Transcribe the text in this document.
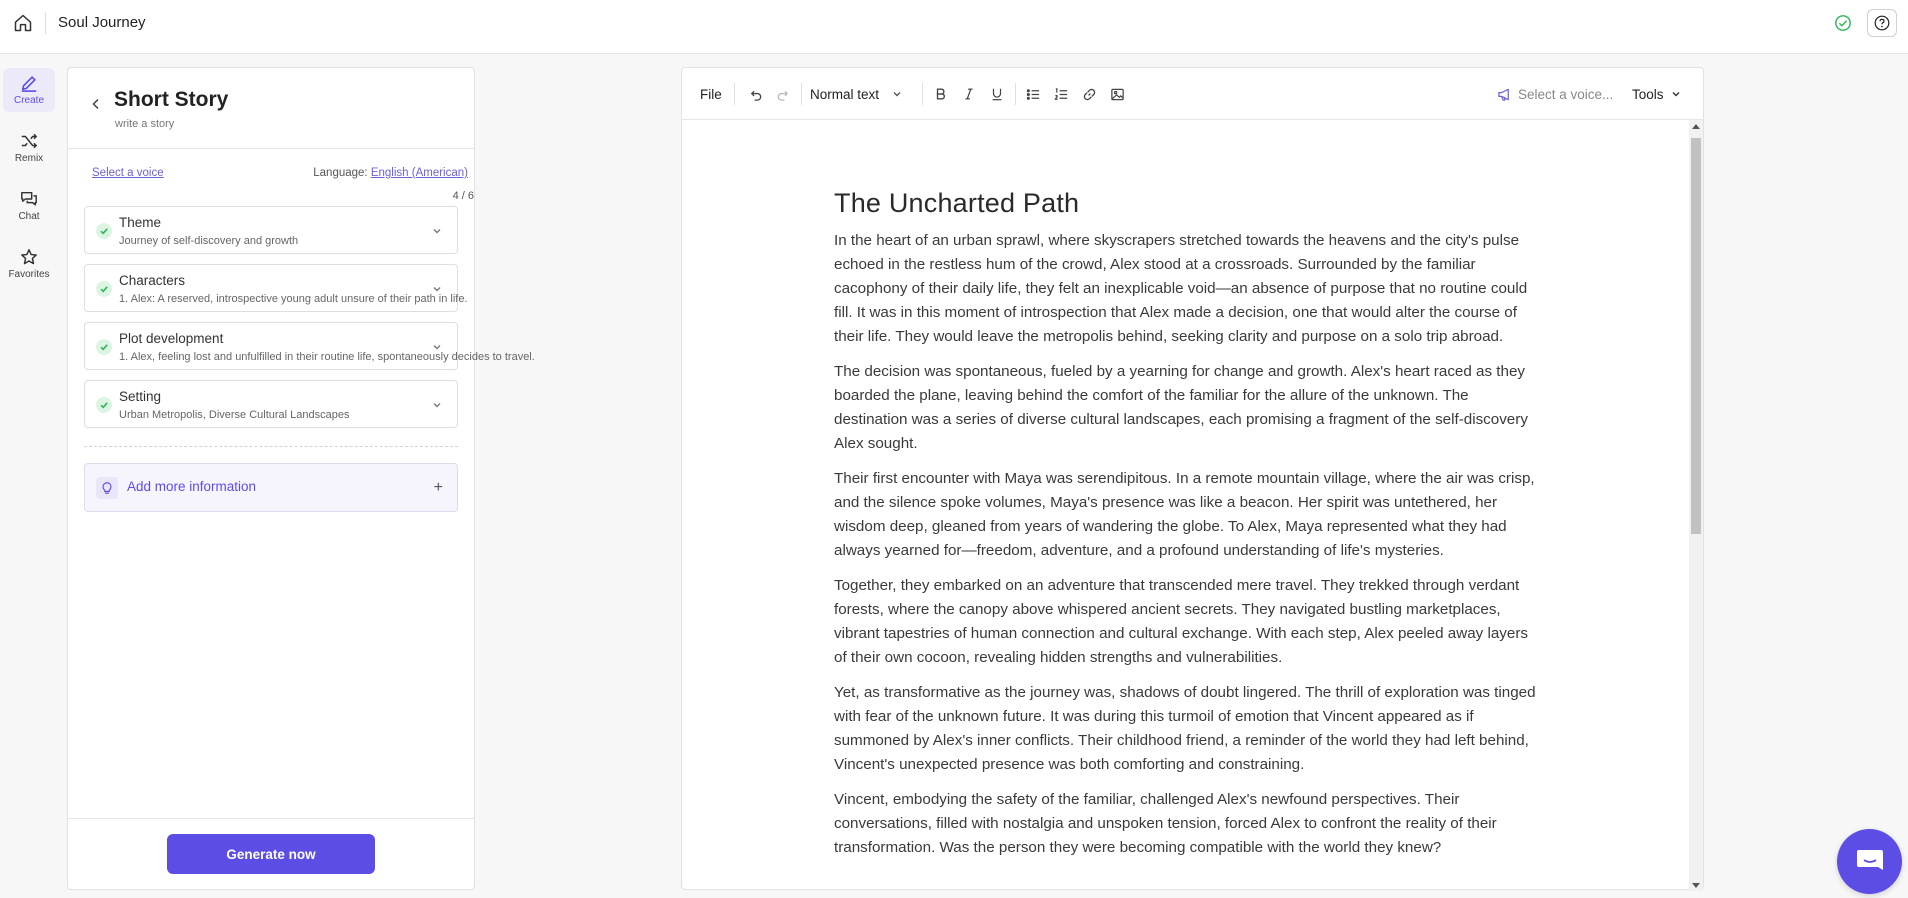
Soul Journey
Create
Remix
Chat
Favorites
Short Story
write a story
Select a voice	Language: English (American)
4 / 6
Theme
Journey of self-discovery and growth
Characters
1. Alex: A reserved, introspective young adult unsure of their path in life.
Plot development
1. Alex, feeling lost and unfulfilled in their routine life, spontaneously decides to travel.
Setting
Urban Metropolis, Diverse Cultural Landscapes
Add more information	+
Generate now
File	Normal text	Select a voice... Tools
The Uncharted Path

In the heart of an urban sprawl, where skyscrapers stretched towards the heavens and the city's pulse echoed in the restless hum of the crowd, Alex stood at a crossroads. Surrounded by the familiar cacophony of their daily life, they felt an inexplicable void—an absence of purpose that no routine could fill. It was in this moment of introspection that Alex made a decision, one that would alter the course of their life. They would leave the metropolis behind, seeking clarity and purpose on a solo trip abroad.

The decision was spontaneous, fueled by a yearning for change and growth. Alex's heart raced as they boarded the plane, leaving behind the comfort of the familiar for the allure of the unknown. The destination was a series of diverse cultural landscapes, each promising a fragment of the self-discovery Alex sought.

Their first encounter with Maya was serendipitous. In a remote mountain village, where the air was crisp, and the silence spoke volumes, Maya's presence was like a beacon. Her spirit was untethered, her wisdom deep, gleaned from years of wandering the globe. To Alex, Maya represented what they had always yearned for—freedom, adventure, and a profound understanding of life's mysteries.

Together, they embarked on an adventure that transcended mere travel. They trekked through verdant forests, where the canopy above whispered ancient secrets. They navigated bustling marketplaces, vibrant tapestries of human connection and cultural exchange. With each step, Alex peeled away layers of their own cocoon, revealing hidden strengths and vulnerabilities.

Yet, as transformative as the journey was, shadows of doubt lingered. The thrill of exploration was tinged with fear of the unknown future. It was during this turmoil of emotion that Vincent appeared as if summoned by Alex's inner conflicts. Their childhood friend, a reminder of the world they had left behind, Vincent's unexpected presence was both comforting and constraining.

Vincent, embodying the safety of the familiar, challenged Alex's newfound perspectives. Their conversations, filled with nostalgia and unspoken tension, forced Alex to confront the reality of their transformation. Was the person they were becoming compatible with the world they knew?
